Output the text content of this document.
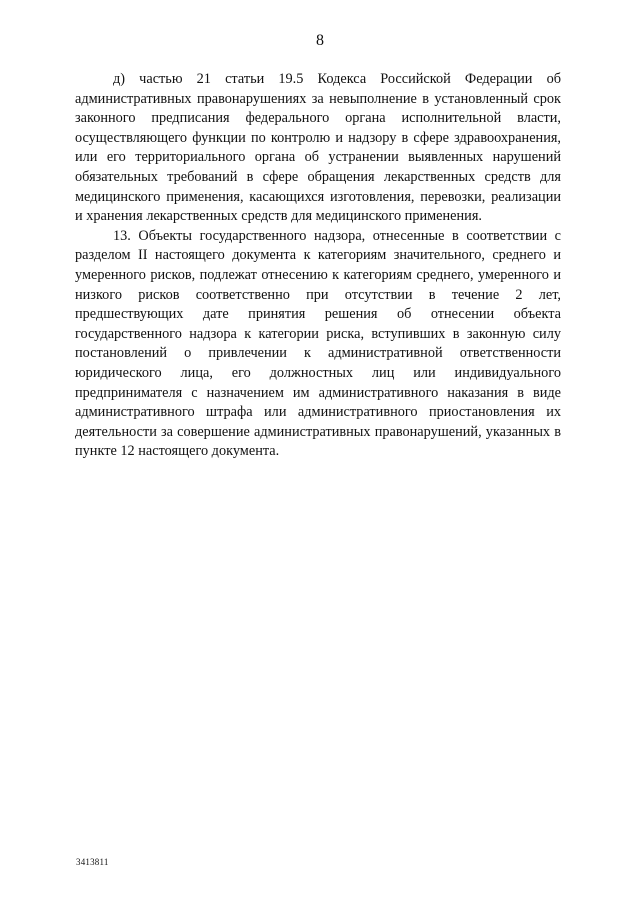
8

д) частью 21 статьи 19.5 Кодекса Российской Федерации об административных правонарушениях за невыполнение в установленный срок законного предписания федерального органа исполнительной власти, осуществляющего функции по контролю и надзору в сфере здравоохранения, или его территориального органа об устранении выявленных нарушений обязательных требований в сфере обращения лекарственных средств для медицинского применения, касающихся изготовления, перевозки, реализации и хранения лекарственных средств для медицинского применения.

13. Объекты государственного надзора, отнесенные в соответствии с разделом II настоящего документа к категориям значительного, среднего и умеренного рисков, подлежат отнесению к категориям среднего, умеренного и низкого рисков соответственно при отсутствии в течение 2 лет, предшествующих дате принятия решения об отнесении объекта государственного надзора к категории риска, вступивших в законную силу постановлений о привлечении к административной ответственности юридического лица, его должностных лиц или индивидуального предпринимателя с назначением им административного наказания в виде административного штрафа или административного приостановления их деятельности за совершение административных правонарушений, указанных в пункте 12 настоящего документа.

3413811
